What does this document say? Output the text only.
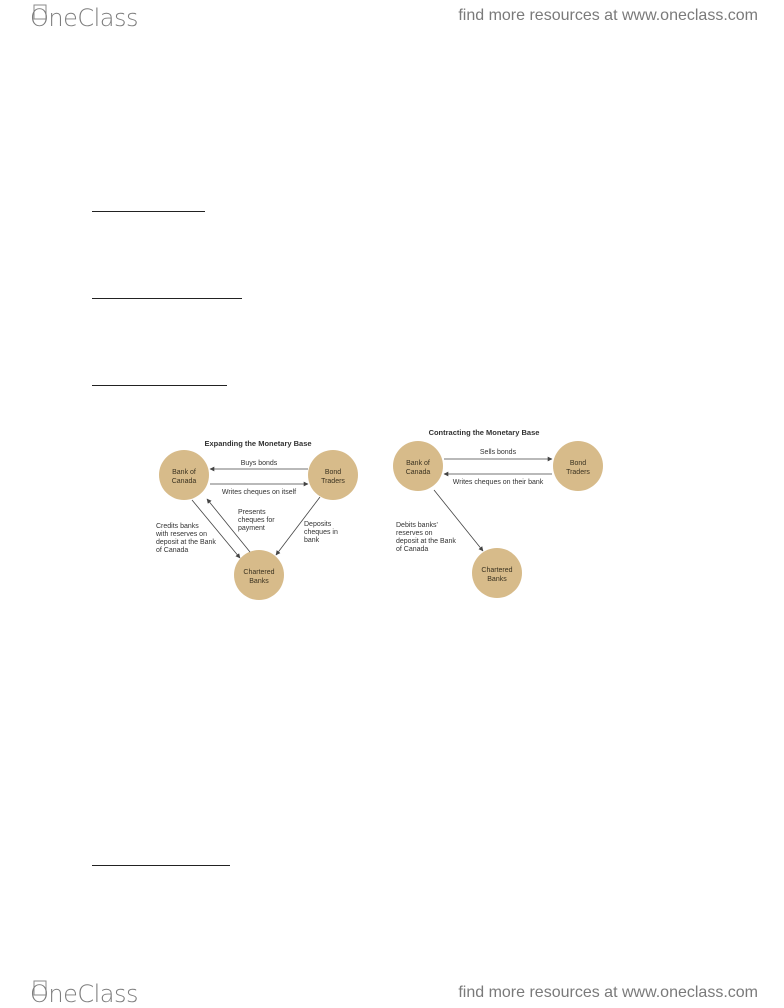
OneClass	find more resources at www.oneclass.com
Expanding the Monetary Base
Bank of
Canada
Bond
Traders
Chartered
Banks
Buys bonds
Writes cheques on itself
Credits banks
with reserves on
deposit at the Bank
of Canada
Presents
cheques for
payment
Deposits
cheques in
bank
Contracting the Monetary Base
Bank of
Canada
Bond
Traders
Chartered
Banks
Sells bonds
Writes cheques on their bank
Debits banks'
reserves on
deposit at the Bank
of Canada
OneClass	find more resources at www.oneclass.com
